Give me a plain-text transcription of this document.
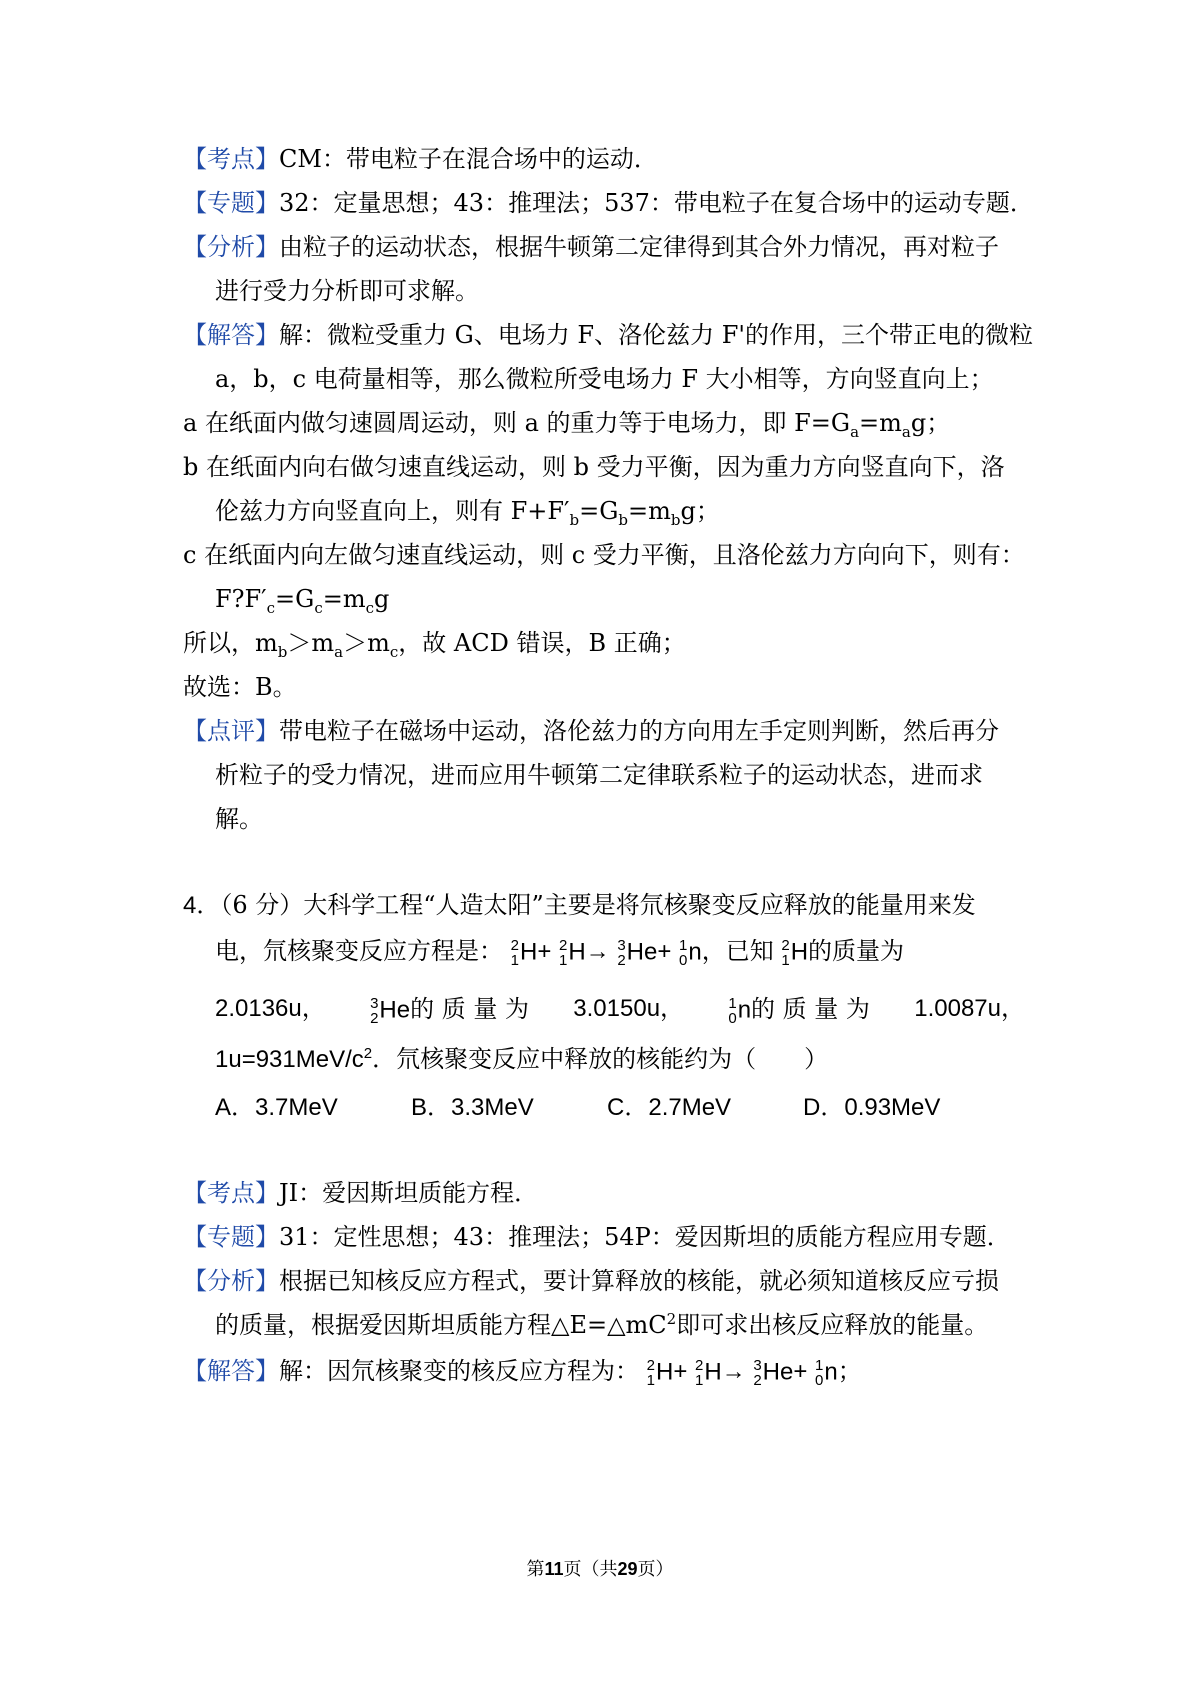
【考点】CM：带电粒子在混合场中的运动．
【专题】32：定量思想；43：推理法；537：带电粒子在复合场中的运动专题．
【分析】由粒子的运动状态，根据牛顿第二定律得到其合外力情况，再对粒子
进行受力分析即可求解。
【解答】解：微粒受重力 G、电场力 F、洛伦兹力 F'的作用，三个带正电的微粒
a，b，c 电荷量相等，那么微粒所受电场力 F 大小相等，方向竖直向上；
a 在纸面内做匀速圆周运动，则 a 的重力等于电场力，即 $F=G_a=m_ag$；
b 在纸面内向右做匀速直线运动，则 b 受力平衡，因为重力方向竖直向下，洛
伦兹力方向竖直向上，则有 $F+F'_b=G_b=m_bg$；
c 在纸面内向左做匀速直线运动，则 c 受力平衡，且洛伦兹力方向向下，则有：
$F?F'_c=G_c=m_cg$
所以，$m_b>m_a>m_c$，故 ACD 错误，B 正确；
故选：B。
【点评】带电粒子在磁场中运动，洛伦兹力的方向用左手定则判断，然后再分
析粒子的受力情况，进而应用牛顿第二定律联系粒子的运动状态，进而求
解。
4．（6 分）大科学工程“人造太阳”主要是将氘核聚变反应释放的能量用来发
电，氘核聚变反应方程是： 2
1 H+ 2
1 H→ 3
2 He+ 1
0 n，已知 2
1 H的质量为
2.0136u，	3
2 He的 质 量 为 3.0150u，	1
0 n的 质 量 为 1.0087u，
$1u=931MeV/c^2$．氘核聚变反应中释放的核能约为（　　）
A．3.7MeV	B．3.3MeV	C．2.7MeV	D．0.93MeV
【考点】JI：爱因斯坦质能方程．
【专题】31：定性思想；43：推理法；54P：爱因斯坦的质能方程应用专题．
【分析】根据已知核反应方程式，要计算释放的核能，就必须知道核反应亏损
的质量，根据爱因斯坦质能方程$\triangle E=\triangle mC^2$即可求出核反应释放的能量。
【解答】解：因氘核聚变的核反应方程为： 2
1 H+ 2
1 H→ 3
2 He+ 1
0 n；
第11页（共29页）
